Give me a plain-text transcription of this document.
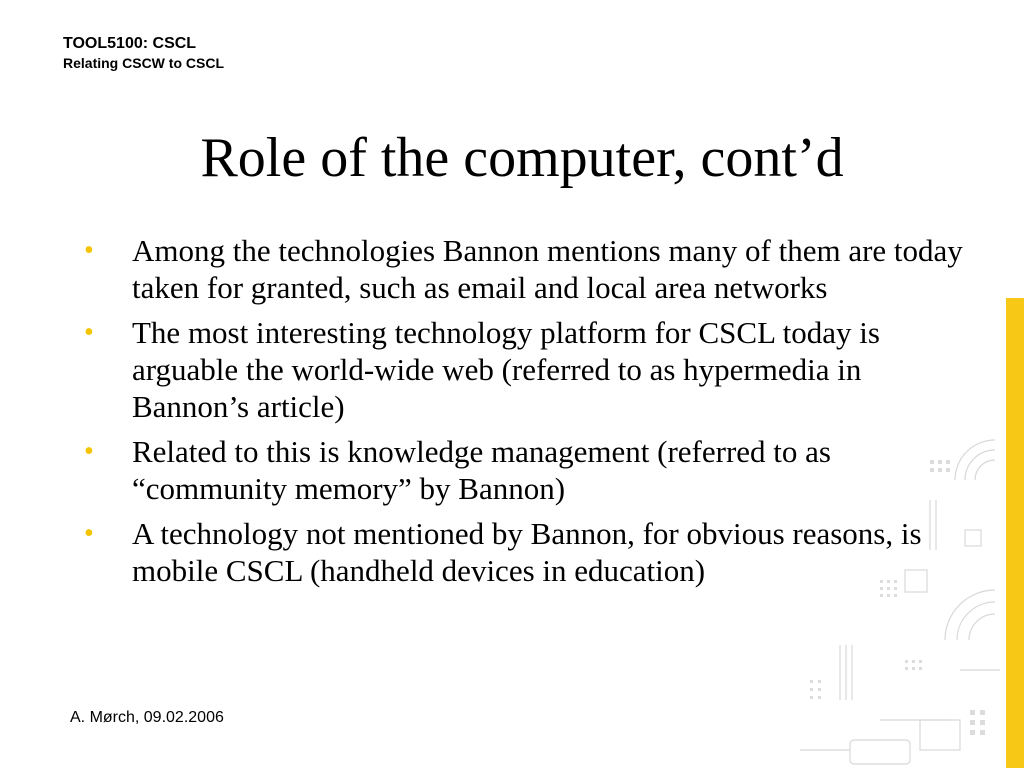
TOOL5100: CSCL
Relating CSCW to CSCL
Role of the computer, cont’d
• Among the technologies Bannon mentions many of them are today taken for granted, such as email and local area networks
• The most interesting technology platform for CSCL today is arguable the world-wide web (referred to as hypermedia in Bannon’s article)
• Related to this is knowledge management (referred to as “community memory” by Bannon)
• A technology not mentioned by Bannon, for obvious reasons, is mobile CSCL (handheld devices in education)
A. Mørch, 09.02.2006
